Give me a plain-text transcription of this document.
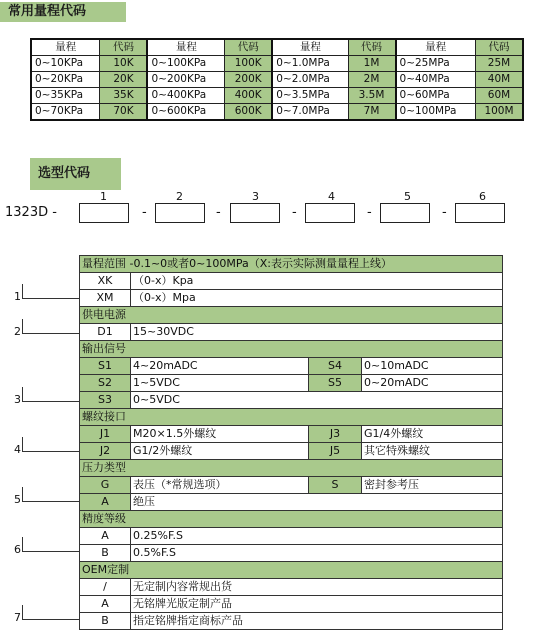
常用量程代码
量程	代码	量程	代码	量程	代码	量程	代码
0~10KPa	10K	0~100KPa	100K	0~1.0MPa	1M	0~25MPa	25M
0~20KPa	20K	0~200KPa	200K	0~2.0MPa	2M	0~40MPa	40M
0~35KPa	35K	0~400KPa	400K	0~3.5MPa	3.5M	0~60MPa	60M
0~70KPa	70K	0~600KPa	600K	0~7.0MPa	7M	0~100MPa	100M
选型代码
1323D -
1	2	3	4	5	6
-	-	-	-	-
量程范围 -0.1~0或者0~100MPa（X:表示实际测量量程上线）			
XK	（0-x）Kpa		
XM	（0-x）Mpa		
供电电源			
D1	15~30VDC		
输出信号			
S1	4~20mADC	S4	0~10mADC
S2	1~5VDC	S5	0~20mADC
S3	0~5VDC		
螺纹接口			
J1	M20×1.5外螺纹	J3	G1/4外螺纹
J2	G1/2外螺纹	J5	其它特殊螺纹
压力类型			
G	表压（*常规选项）	S	密封参考压
A	绝压		
精度等级			
A	0.25%F.S		
B	0.5%F.S		
OEM定制			
/	无定制内容常规出货		
A	无铭牌光版定制产品		
B	指定铭牌指定商标产品		
1
2
3
4
5
6
7
